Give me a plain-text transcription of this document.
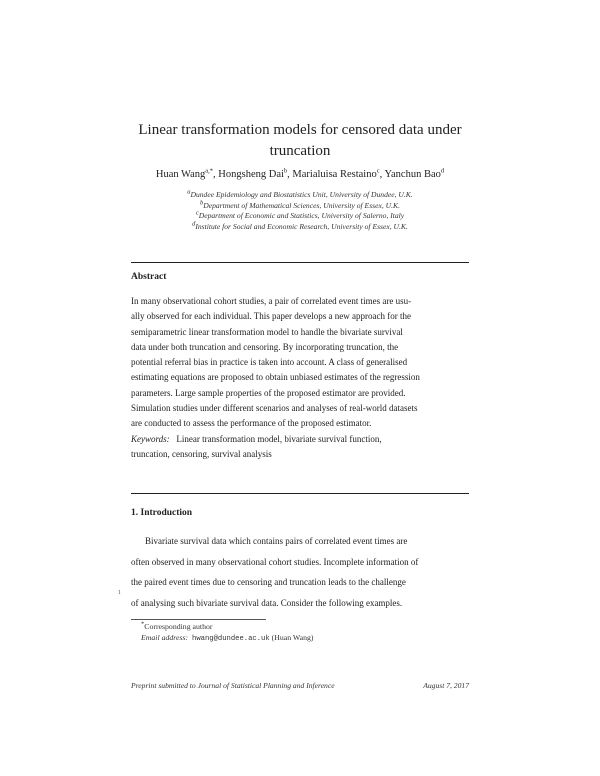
Linear transformation models for censored data under
truncation
Huan Wang$^{a,*}$, Hongsheng Dai$^b$, Marialuisa Restaino$^c$, Yanchun Bao$^d$
$^a$Dundee Epidemiology and Biostatistics Unit, University of Dundee, U.K.
$^b$Department of Mathematical Sciences, University of Essex, U.K.
$^c$Department of Economic and Statistics, University of Salerno, Italy
$^d$Institute for Social and Economic Research, University of Essex, U.K.
Abstract
In many observational cohort studies, a pair of correlated event times are usu-
ally observed for each individual. This paper develops a new approach for the
semiparametric linear transformation model to handle the bivariate survival
data under both truncation and censoring. By incorporating truncation, the
potential referral bias in practice is taken into account. A class of generalised
estimating equations are proposed to obtain unbiased estimates of the regression
parameters. Large sample properties of the proposed estimator are provided.
Simulation studies under different scenarios and analyses of real-world datasets
are conducted to assess the performance of the proposed estimator.
Keywords: Linear transformation model, bivariate survival function,
truncation, censoring, survival analysis
1. Introduction
Bivariate survival data which contains pairs of correlated event times are
often observed in many observational cohort studies. Incomplete information of
the paired event times due to censoring and truncation leads to the challenge
of analysing such bivariate survival data. Consider the following examples.
1
*Corresponding author
Email address: hwang@dundee.ac.uk (Huan Wang)
Preprint submitted to Journal of Statistical Planning and Inference	August 7, 2017
